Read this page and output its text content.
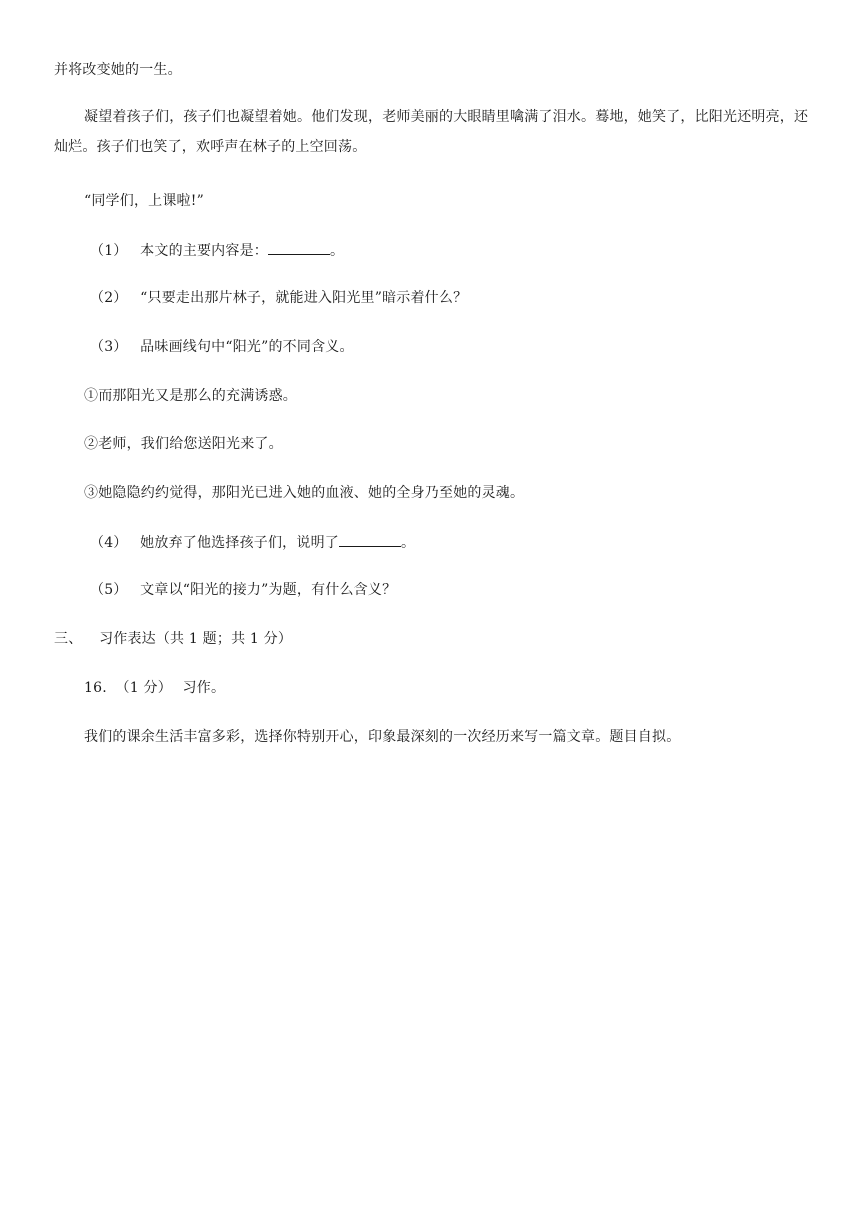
并将改变她的一生。
凝望着孩子们，孩子们也凝望着她。他们发现，老师美丽的大眼睛里噙满了泪水。蓦地，她笑了，比阳光还明亮，还灿烂。孩子们也笑了，欢呼声在林子的上空回荡。
“同学们，上课啦!”
（1） 本文的主要内容是：	。
（2） “只要走出那片林子，就能进入阳光里”暗示着什么？
（3） 品味画线句中“阳光”的不同含义。
①而那阳光又是那么的充满诱惑。
②老师，我们给您送阳光来了。
③她隐隐约约觉得，那阳光已进入她的血液、她的全身乃至她的灵魂。
（4） 她放弃了他选择孩子们，说明了	。
（5） 文章以“阳光的接力”为题，有什么含义？
三、 习作表达（共 1 题；共 1 分）
16. （1 分） 习作。
我们的课余生活丰富多彩，选择你特别开心，印象最深刻的一次经历来写一篇文章。题目自拟。
